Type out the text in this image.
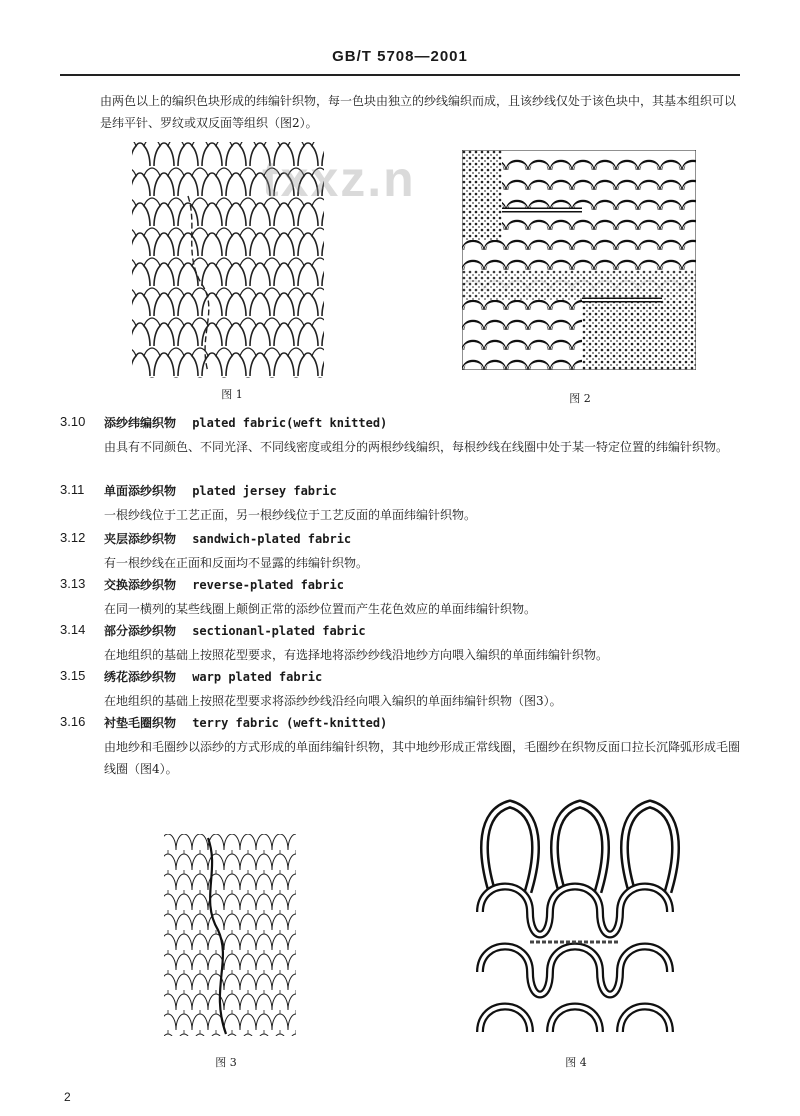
GB/T 5708—2001
由两色以上的编织色块形成的纬编针织物，每一色块由独立的纱线编织而成，且该纱线仅处于该色块中，其基本组织可以是纬平针、罗纹或双反面等组织（图2）。
图 1
txxz.n
图 2
3.10	添纱纬编织物 plated fabric(weft knitted)
由具有不同颜色、不同光泽、不同线密度或组分的两根纱线编织，每根纱线在线圈中处于某一特定位置的纬编针织物。
3.11	单面添纱织物 plated jersey fabric
一根纱线位于工艺正面，另一根纱线位于工艺反面的单面纬编针织物。
3.12	夹层添纱织物 sandwich-plated fabric
有一根纱线在正面和反面均不显露的纬编针织物。
3.13	交换添纱织物 reverse-plated fabric
在同一横列的某些线圈上颠倒正常的添纱位置而产生花色效应的单面纬编针织物。
3.14	部分添纱织物 sectionanl-plated fabric
在地组织的基础上按照花型要求，有选择地将添纱纱线沿地纱方向喂入编织的单面纬编针织物。
3.15	绣花添纱织物 warp plated fabric
在地组织的基础上按照花型要求将添纱纱线沿经向喂入编织的单面纬编针织物（图3）。
3.16	衬垫毛圈织物 terry fabric (weft-knitted)
由地纱和毛圈纱以添纱的方式形成的单面纬编针织物，其中地纱形成正常线圈，毛圈纱在织物反面口拉长沉降弧形成毛圈线圈（图4）。
图 3	图 4
2
